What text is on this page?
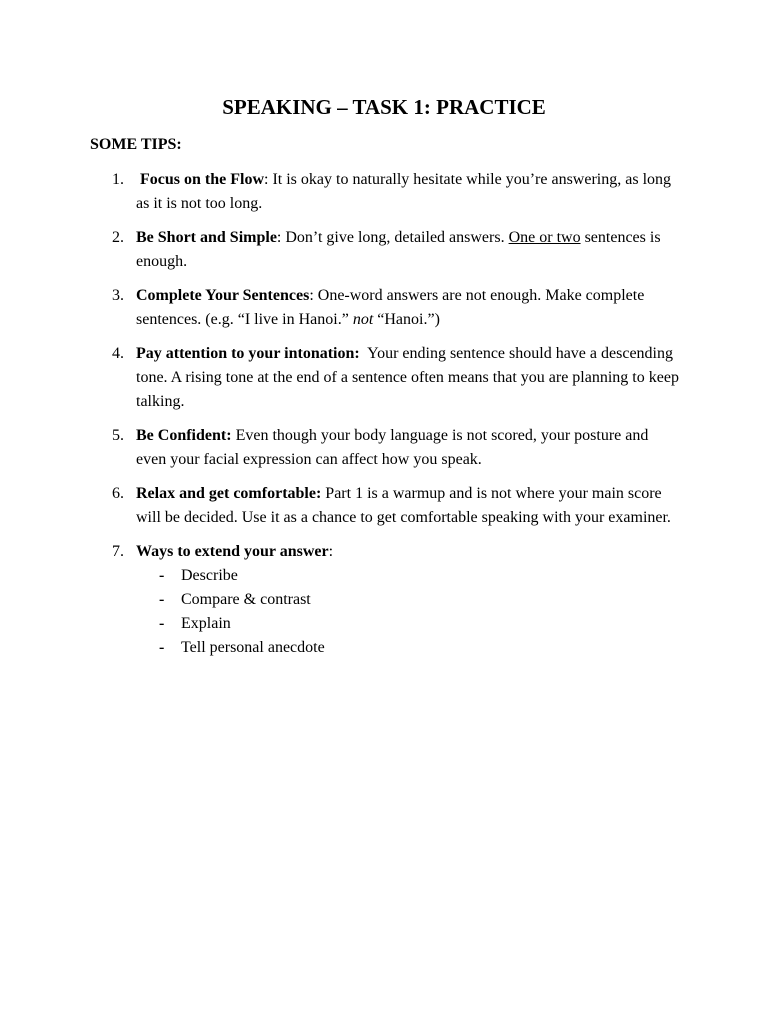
SPEAKING – TASK 1: PRACTICE
SOME TIPS:
1. Focus on the Flow: It is okay to naturally hesitate while you’re answering, as long as it is not too long.
2. Be Short and Simple: Don’t give long, detailed answers. One or two sentences is enough.
3. Complete Your Sentences: One-word answers are not enough. Make complete sentences. (e.g. “I live in Hanoi.” not “Hanoi.”)
4. Pay attention to your intonation:  Your ending sentence should have a descending tone. A rising tone at the end of a sentence often means that you are planning to keep talking.
5. Be Confident: Even though your body language is not scored, your posture and even your facial expression can affect how you speak.
6. Relax and get comfortable: Part 1 is a warmup and is not where your main score will be decided. Use it as a chance to get comfortable speaking with your examiner.
7. Ways to extend your answer:
- Describe
- Compare & contrast
- Explain
- Tell personal anecdote
